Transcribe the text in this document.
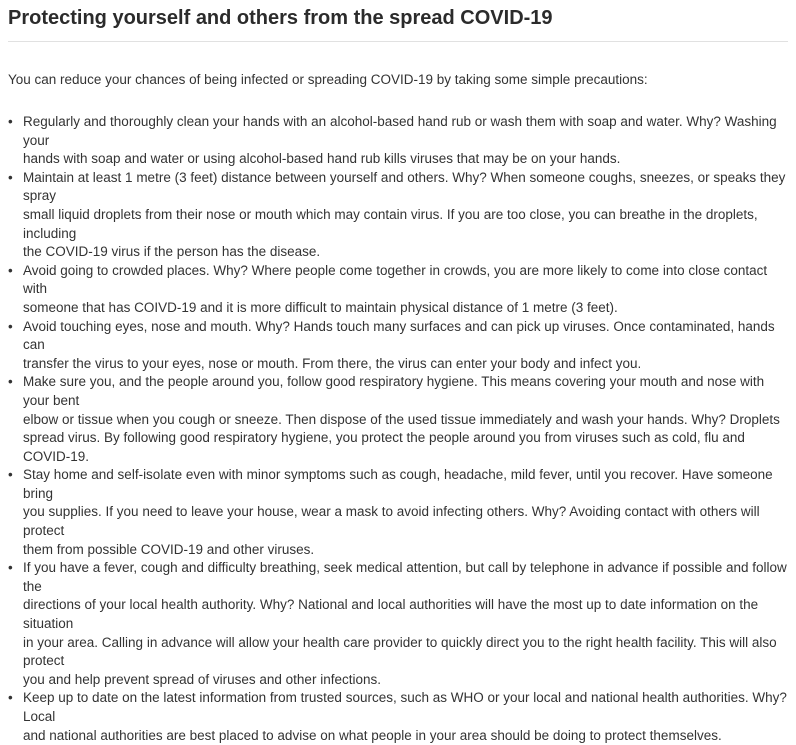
Protecting yourself and others from the spread COVID-19

You can reduce your chances of being infected or spreading COVID-19 by taking some simple precautions:

• Regularly and thoroughly clean your hands with an alcohol-based hand rub or wash them with soap and water. Why? Washing your
hands with soap and water or using alcohol-based hand rub kills viruses that may be on your hands.
• Maintain at least 1 metre (3 feet) distance between yourself and others. Why? When someone coughs, sneezes, or speaks they spray
small liquid droplets from their nose or mouth which may contain virus. If you are too close, you can breathe in the droplets, including
the COVID-19 virus if the person has the disease.
• Avoid going to crowded places. Why? Where people come together in crowds, you are more likely to come into close contact with
someone that has COIVD-19 and it is more difficult to maintain physical distance of 1 metre (3 feet).
• Avoid touching eyes, nose and mouth. Why? Hands touch many surfaces and can pick up viruses. Once contaminated, hands can
transfer the virus to your eyes, nose or mouth. From there, the virus can enter your body and infect you.
• Make sure you, and the people around you, follow good respiratory hygiene. This means covering your mouth and nose with your bent
elbow or tissue when you cough or sneeze. Then dispose of the used tissue immediately and wash your hands. Why? Droplets
spread virus. By following good respiratory hygiene, you protect the people around you from viruses such as cold, flu and COVID-19.
• Stay home and self-isolate even with minor symptoms such as cough, headache, mild fever, until you recover. Have someone bring
you supplies. If you need to leave your house, wear a mask to avoid infecting others. Why? Avoiding contact with others will protect
them from possible COVID-19 and other viruses.
• If you have a fever, cough and difficulty breathing, seek medical attention, but call by telephone in advance if possible and follow the
directions of your local health authority. Why? National and local authorities will have the most up to date information on the situation
in your area. Calling in advance will allow your health care provider to quickly direct you to the right health facility. This will also protect
you and help prevent spread of viruses and other infections.
• Keep up to date on the latest information from trusted sources, such as WHO or your local and national health authorities. Why? Local
and national authorities are best placed to advise on what people in your area should be doing to protect themselves.
